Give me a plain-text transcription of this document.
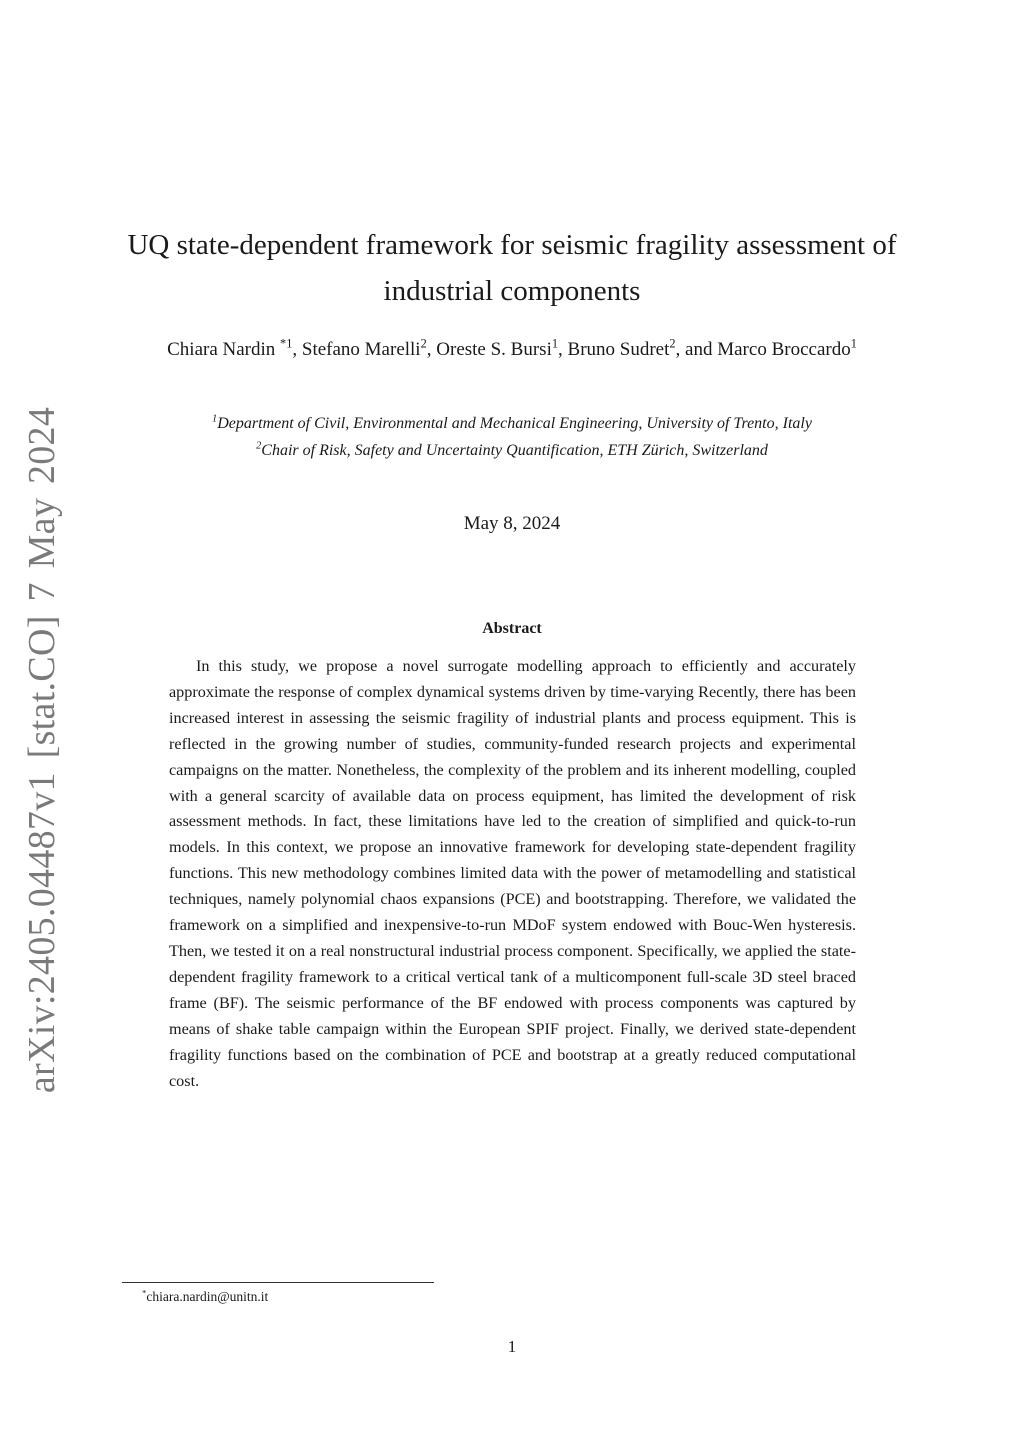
arXiv:2405.04487v1 [stat.CO] 7 May 2024
UQ state-dependent framework for seismic fragility assessment of industrial components
Chiara Nardin $^{*1}$, Stefano Marelli$^2$, Oreste S. Bursi$^1$, Bruno Sudret$^2$, and Marco Broccardo$^1$
$^1$Department of Civil, Environmental and Mechanical Engineering, University of Trento, Italy
$^2$Chair of Risk, Safety and Uncertainty Quantification, ETH Zürich, Switzerland
May 8, 2024
Abstract

In this study, we propose a novel surrogate modelling approach to efficiently and accurately approximate the response of complex dynamical systems driven by time-varying Recently, there has been increased interest in assessing the seismic fragility of industrial plants and process equipment. This is reflected in the growing number of studies, community-funded research projects and experimental campaigns on the matter. Nonetheless, the complexity of the problem and its inherent modelling, coupled with a general scarcity of available data on process equipment, has limited the development of risk assessment methods. In fact, these limitations have led to the creation of simplified and quick-to-run models. In this context, we propose an innovative framework for developing state-dependent fragility functions. This new methodology combines limited data with the power of metamodelling and statistical techniques, namely polynomial chaos expansions (PCE) and bootstrapping. Therefore, we validated the framework on a simplified and inexpensive-to-run MDoF system endowed with Bouc-Wen hysteresis. Then, we tested it on a real nonstructural industrial process component. Specifically, we applied the state-dependent fragility framework to a critical vertical tank of a multicomponent full-scale 3D steel braced frame (BF). The seismic performance of the BF endowed with process components was captured by means of shake table campaign within the European SPIF project. Finally, we derived state-dependent fragility functions based on the combination of PCE and bootstrap at a greatly reduced computational cost.

*chiara.nardin@unitn.it
1
